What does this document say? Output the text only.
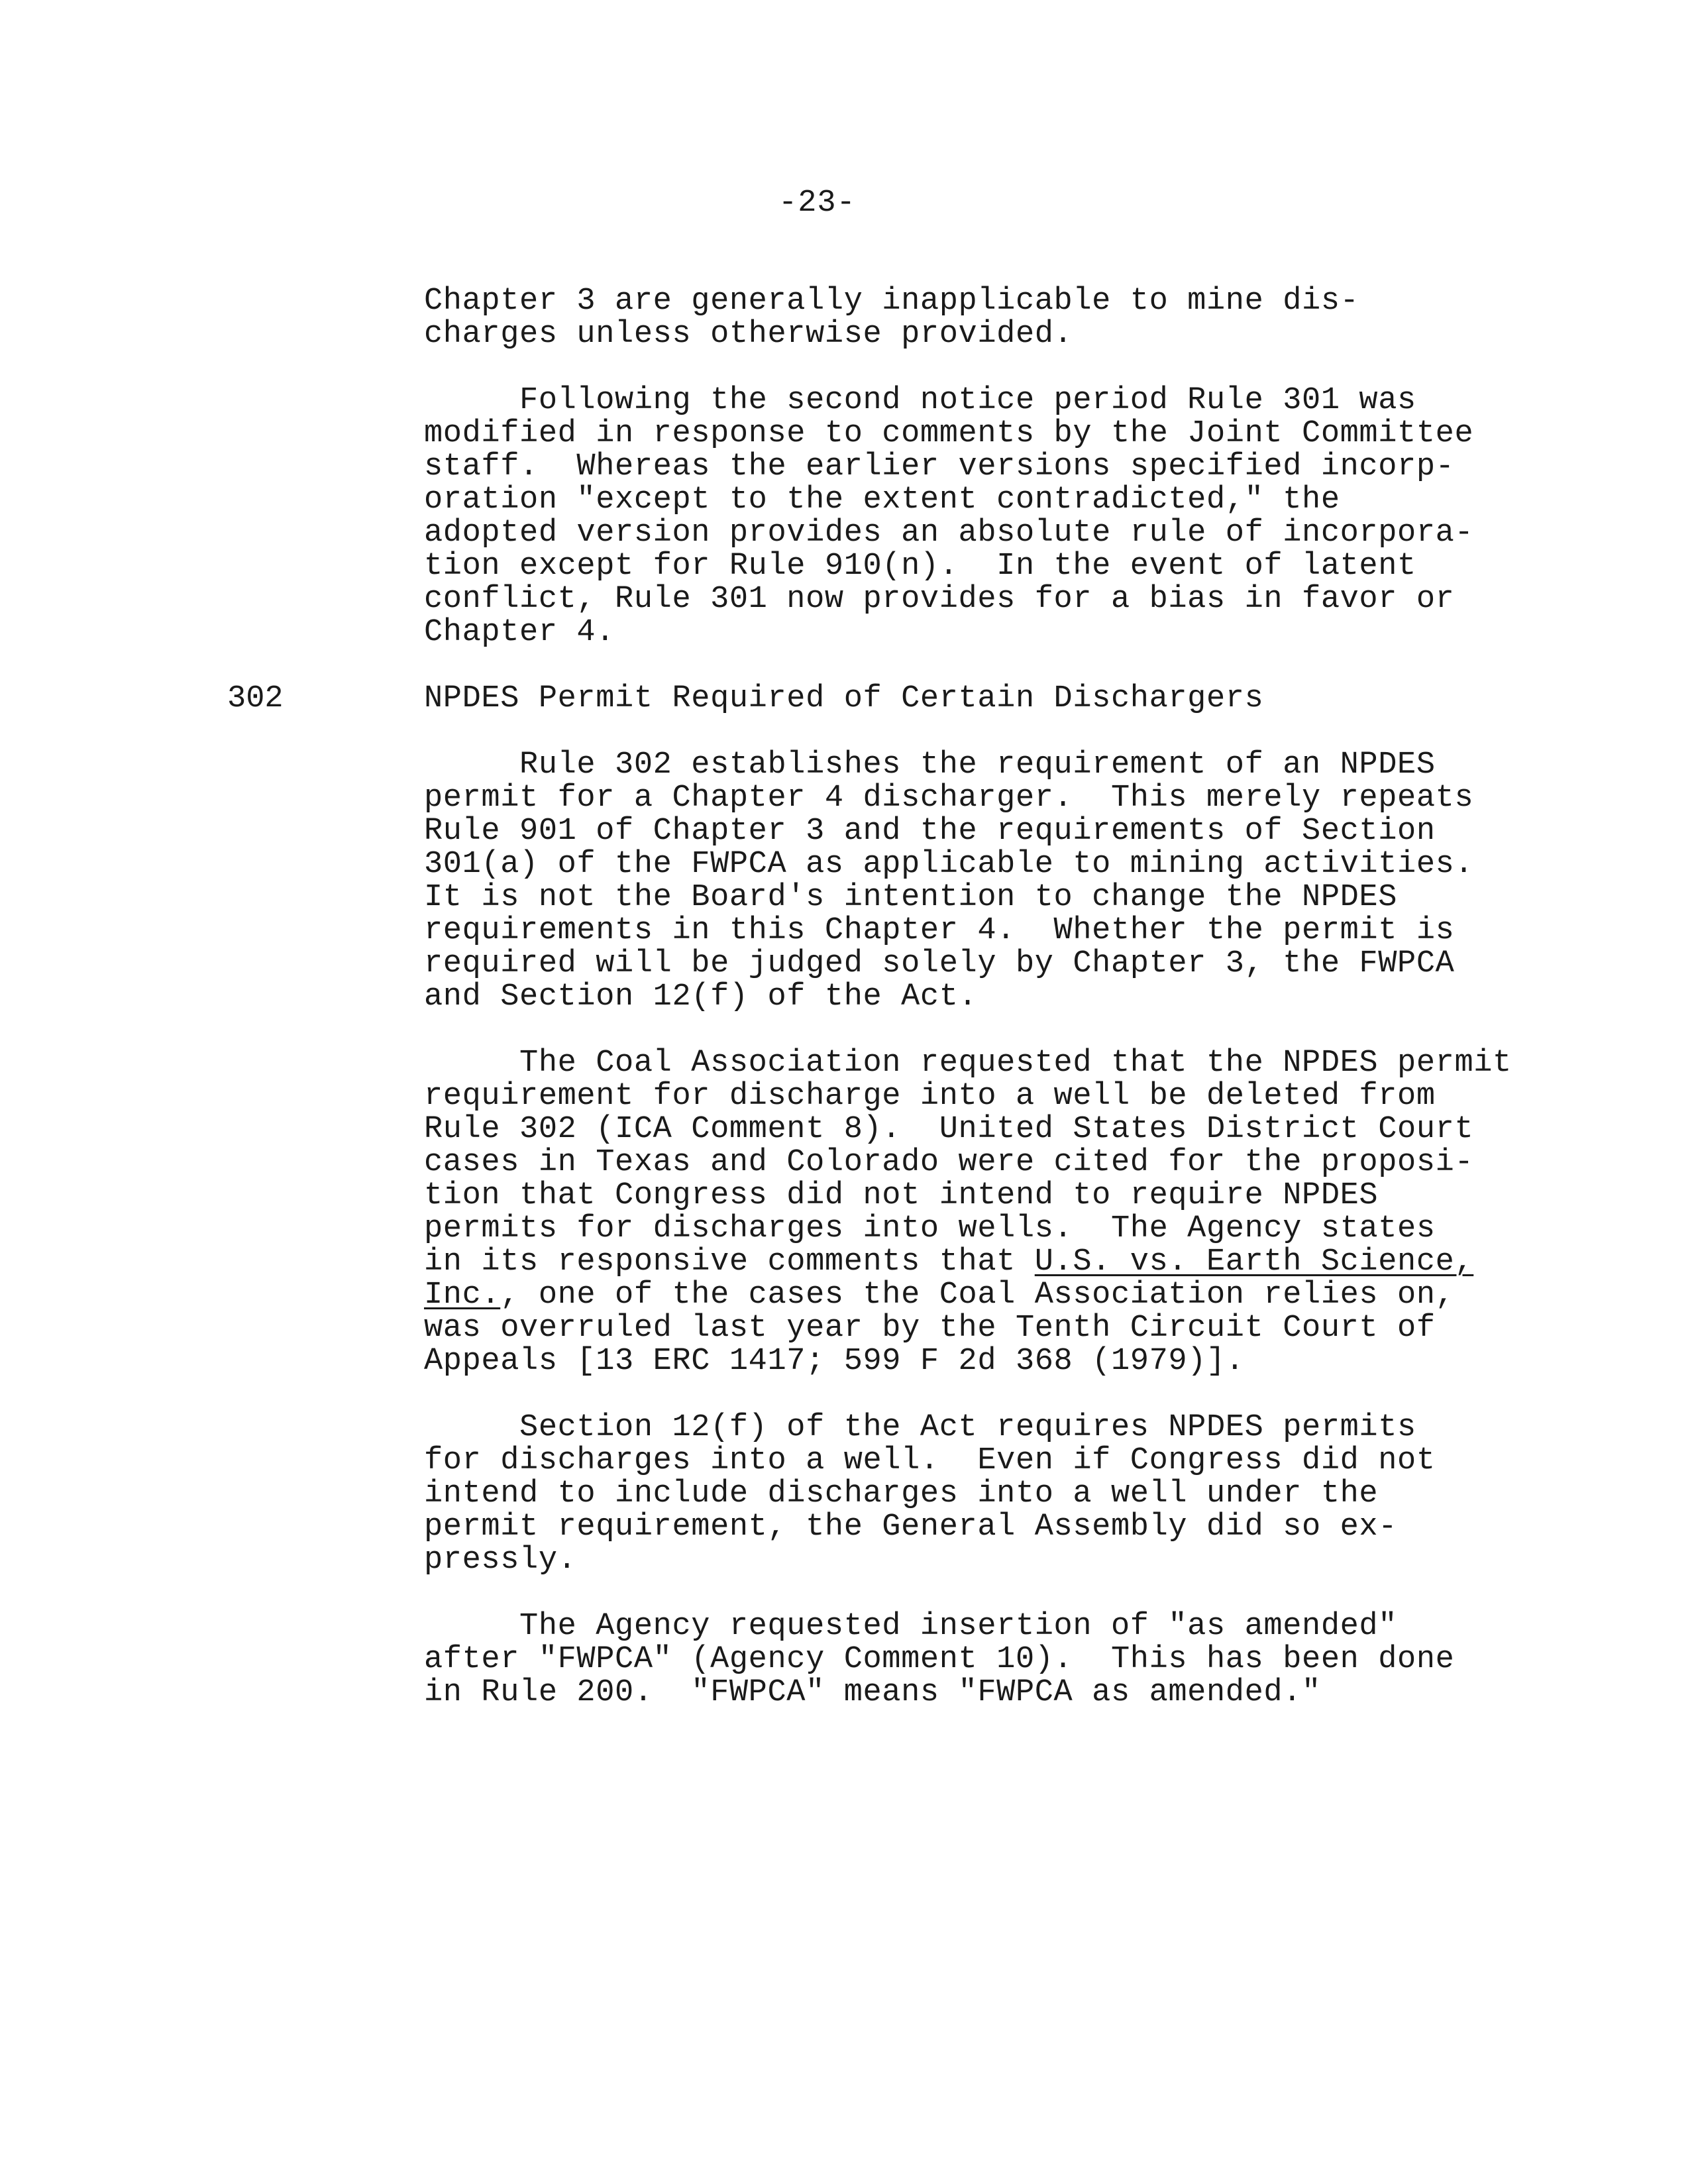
-23-
Chapter 3 are generally inapplicable to mine dis-
charges unless otherwise provided.
Following the second notice period Rule 301 was
modified in response to comments by the Joint Committee
staff.  Whereas the earlier versions specified incorp-
oration "except to the extent contradicted," the
adopted version provides an absolute rule of incorpora-
tion except for Rule 910(n).  In the event of latent
conflict, Rule 301 now provides for a bias in favor or
Chapter 4.
302	NPDES Permit Required of Certain Dischargers
Rule 302 establishes the requirement of an NPDES
permit for a Chapter 4 discharger.  This merely repeats
Rule 901 of Chapter 3 and the requirements of Section
301(a) of the FWPCA as applicable to mining activities.
It is not the Board's intention to change the NPDES
requirements in this Chapter 4.  Whether the permit is
required will be judged solely by Chapter 3, the FWPCA
and Section 12(f) of the Act.
The Coal Association requested that the NPDES permit
requirement for discharge into a well be deleted from
Rule 302 (ICA Comment 8).  United States District Court
cases in Texas and Colorado were cited for the proposi-
tion that Congress did not intend to require NPDES
permits for discharges into wells.  The Agency states
in its responsive comments that U.S. vs. Earth Science,
Inc., one of the cases the Coal Association relies on,
was overruled last year by the Tenth Circuit Court of
Appeals [13 ERC 1417; 599 F 2d 368 (1979)].
Section 12(f) of the Act requires NPDES permits
for discharges into a well.  Even if Congress did not
intend to include discharges into a well under the
permit requirement, the General Assembly did so ex-
pressly.
The Agency requested insertion of "as amended"
after "FWPCA" (Agency Comment 10).  This has been done
in Rule 200.  "FWPCA" means "FWPCA as amended."
